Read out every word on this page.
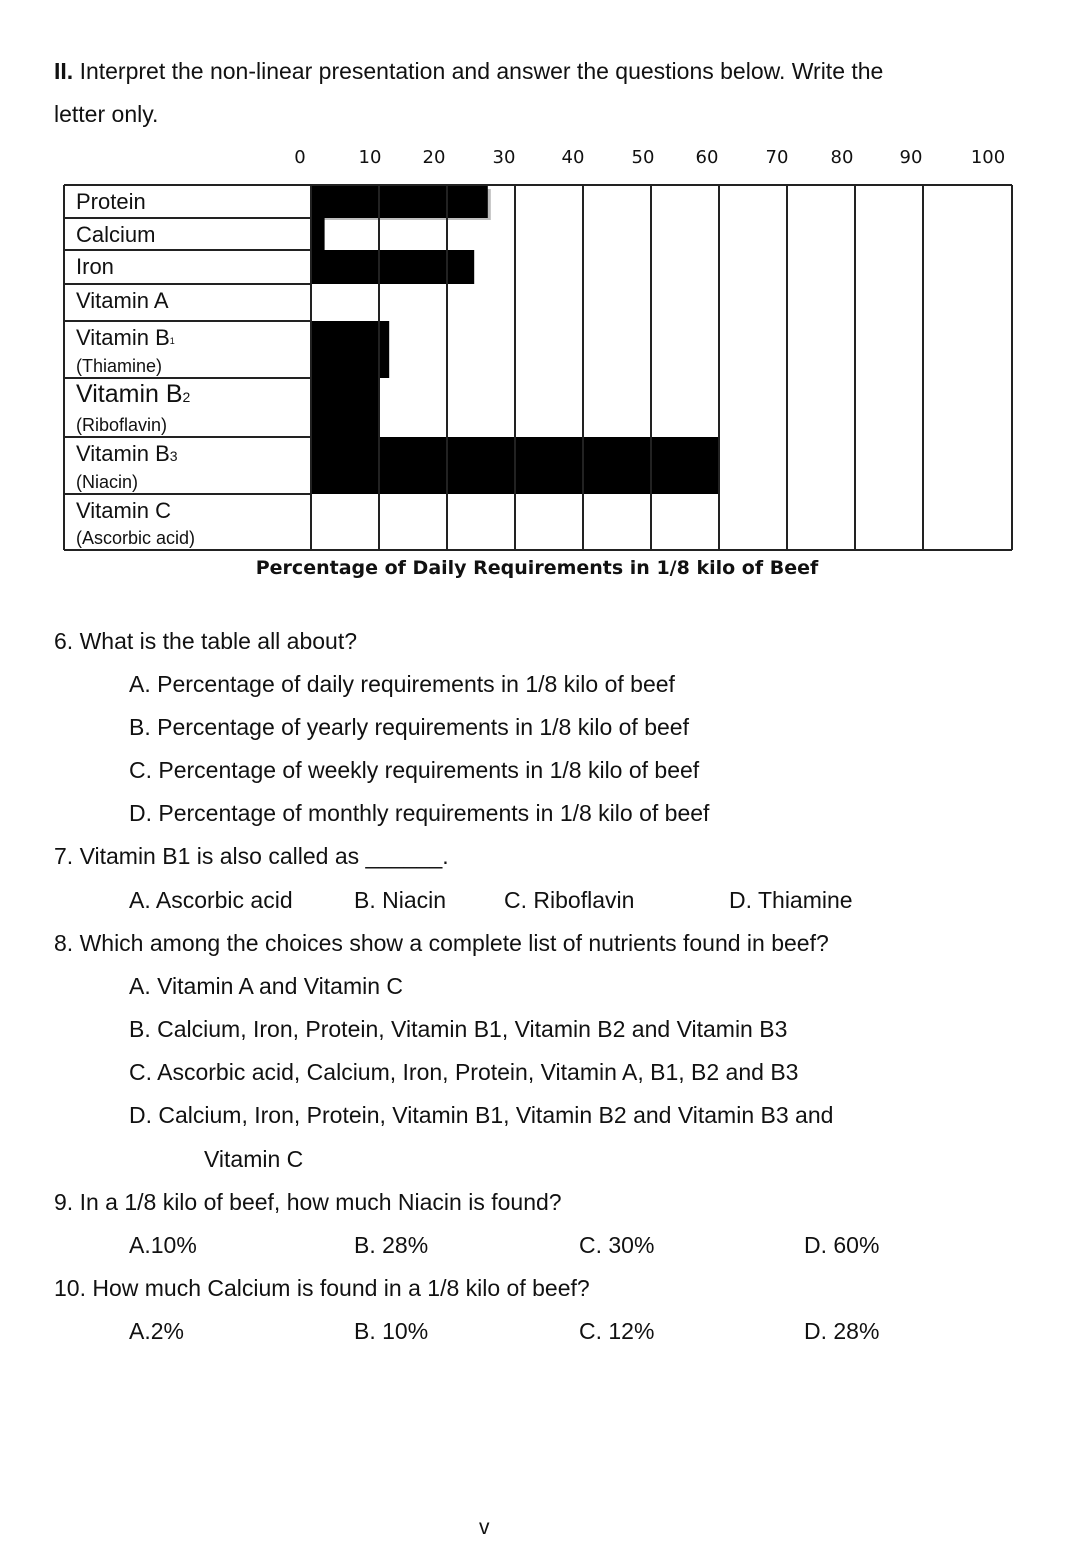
II. Interpret the non-linear presentation and answer the questions below. Write the
letter only.
0	10 20	30	40	50 60	70 80	90	100
Protein
Calcium
Iron
Vitamin A
Vitamin B1
(Thiamine)
Vitamin B2
(Riboflavin)
Vitamin B3
(Niacin)
Vitamin C
(Ascorbic acid)
Percentage of Daily Requirements in 1/8 kilo of Beef
6. What is the table all about?
A. Percentage of daily requirements in 1/8 kilo of beef
B. Percentage of yearly requirements in 1/8 kilo of beef
C. Percentage of weekly requirements in 1/8 kilo of beef
D. Percentage of monthly requirements in 1/8 kilo of beef
7. Vitamin B1 is also called as ______.
A. Ascorbic acid	B. Niacin	C. Riboflavin	D. Thiamine
8. Which among the choices show a complete list of nutrients found in beef?
A. Vitamin A and Vitamin C
B. Calcium, Iron, Protein, Vitamin B1, Vitamin B2 and Vitamin B3
C. Ascorbic acid, Calcium, Iron, Protein, Vitamin A, B1, B2 and B3
D. Calcium, Iron, Protein, Vitamin B1, Vitamin B2 and Vitamin B3 and
Vitamin C
9. In a 1/8 kilo of beef, how much Niacin is found?
A.10%	B. 28%	C. 30%	D. 60%
10. How much Calcium is found in a 1/8 kilo of beef?
A.2%	B. 10%	C. 12%	D. 28%
v
